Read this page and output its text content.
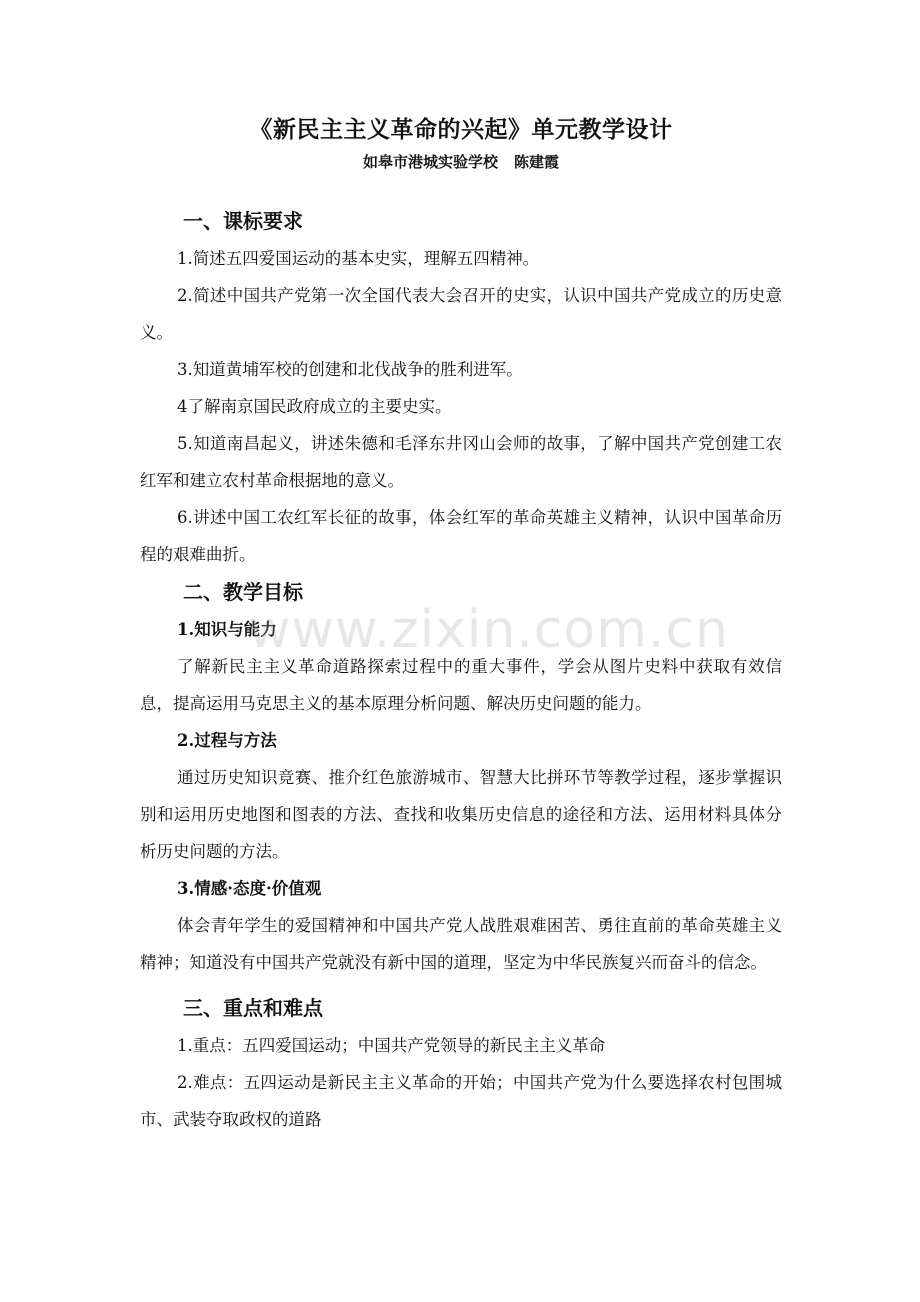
《新民主主义革命的兴起》单元教学设计

如皋市港城实验学校 陈建霞

一、课标要求

1.简述五四爱国运动的基本史实，理解五四精神。

2.简述中国共产党第一次全国代表大会召开的史实，认识中国共产党成立的历史意义。

3.知道黄埔军校的创建和北伐战争的胜利进军。

4了解南京国民政府成立的主要史实。

5.知道南昌起义，讲述朱德和毛泽东井冈山会师的故事，了解中国共产党创建工农红军和建立农村革命根据地的意义。

6.讲述中国工农红军长征的故事，体会红军的革命英雄主义精神，认识中国革命历程的艰难曲折。

二、教学目标

1.知识与能力

了解新民主主义革命道路探索过程中的重大事件，学会从图片史料中获取有效信息，提高运用马克思主义的基本原理分析问题、解决历史问题的能力。

2.过程与方法

通过历史知识竞赛、推介红色旅游城市、智慧大比拼环节等教学过程，逐步掌握识别和运用历史地图和图表的方法、查找和收集历史信息的途径和方法、运用材料具体分析历史问题的方法。

3.情感·态度·价值观

体会青年学生的爱国精神和中国共产党人战胜艰难困苦、勇往直前的革命英雄主义精神；知道没有中国共产党就没有新中国的道理，坚定为中华民族复兴而奋斗的信念。

三、重点和难点

1.重点：五四爱国运动；中国共产党领导的新民主主义革命

2.难点：五四运动是新民主主义革命的开始；中国共产党为什么要选择农村包围城市、武装夺取政权的道路

www.zixin.com.cn
